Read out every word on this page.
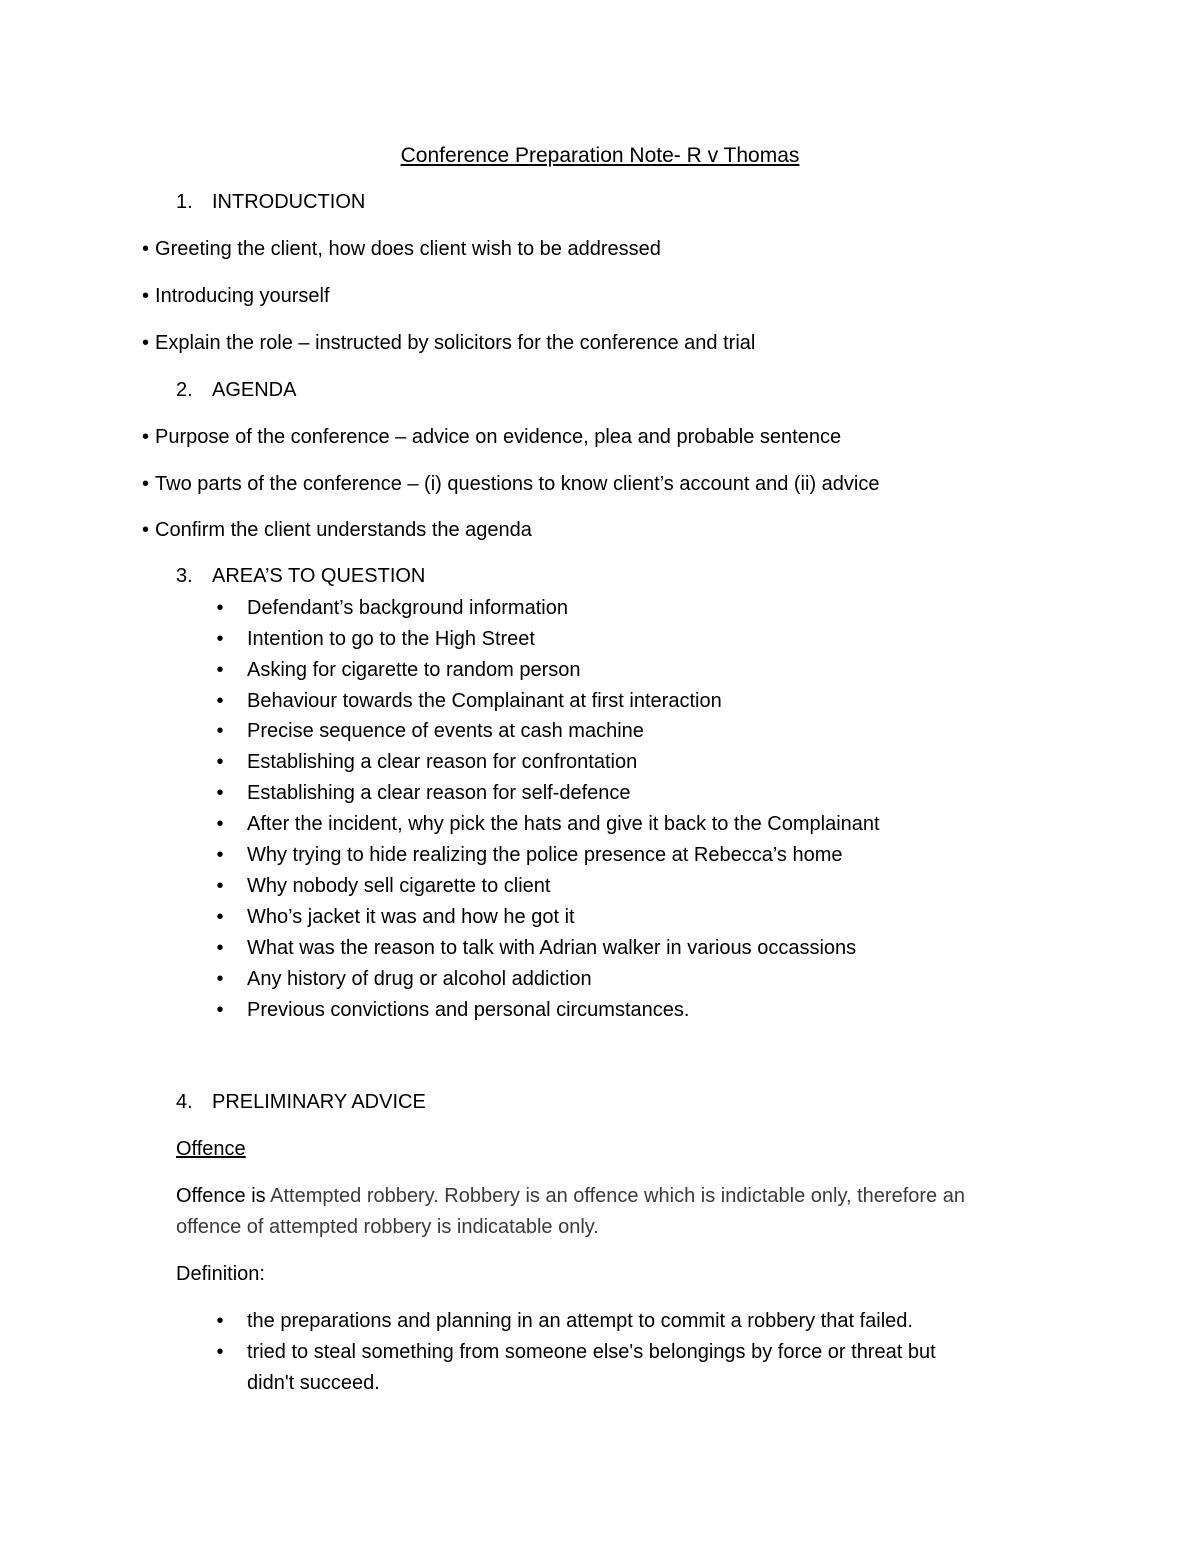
Conference Preparation Note- R v Thomas
1. INTRODUCTION
• Greeting the client, how does client wish to be addressed
• Introducing yourself
• Explain the role – instructed by solicitors for the conference and trial
2. AGENDA
• Purpose of the conference – advice on evidence, plea and probable sentence
• Two parts of the conference – (i) questions to know client’s account and (ii) advice
• Confirm the client understands the agenda
3. AREA’S TO QUESTION
• Defendant’s background information
• Intention to go to the High Street
• Asking for cigarette to random person
• Behaviour towards the Complainant at first interaction
• Precise sequence of events at cash machine
• Establishing a clear reason for confrontation
• Establishing a clear reason for self-defence
• After the incident, why pick the hats and give it back to the Complainant
• Why trying to hide realizing the police presence at Rebecca’s home
• Why nobody sell cigarette to client
• Who’s jacket it was and how he got it
• What was the reason to talk with Adrian walker in various occassions
• Any history of drug or alcohol addiction
• Previous convictions and personal circumstances.
4. PRELIMINARY ADVICE
Offence
Offence is Attempted robbery. Robbery is an offence which is indictable only, therefore an
offence of attempted robbery is indicatable only.
Definition:
• the preparations and planning in an attempt to commit a robbery that failed.
• tried to steal something from someone else's belongings by force or threat but
didn't succeed.
